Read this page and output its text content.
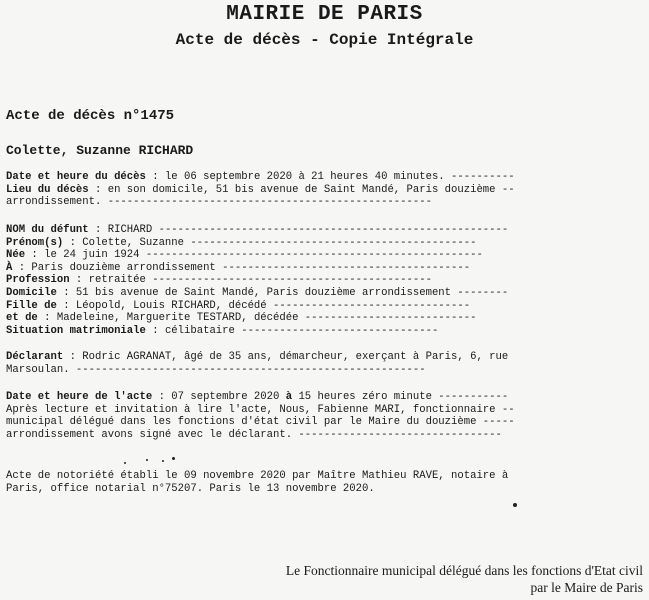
MAIRIE DE PARIS
Acte de décès - Copie Intégrale
Acte de décès n°1475
Colette, Suzanne RICHARD
Date et heure du décès : le 06 septembre 2020 à 21 heures 40 minutes. ----------
Lieu du décès : en son domicile, 51 bis avenue de Saint Mandé, Paris douzième --
arrondissement. ---------------------------------------------------
NOM du défunt : RICHARD -------------------------------------------------------
Prénom(s) : Colette, Suzanne ---------------------------------------------
Née : le 24 juin 1924 -----------------------------------------------------
À : Paris douzième arrondissement ---------------------------------------
Profession : retraitée --------------------------------------------
Domicile : 51 bis avenue de Saint Mandé, Paris douzième arrondissement --------
Fille de : Léopold, Louis RICHARD, décédé -------------------------------
et de : Madeleine, Marguerite TESTARD, décédée ---------------------------
Situation matrimoniale : célibataire -------------------------------
Déclarant : Rodric AGRANAT, âgé de 35 ans, démarcheur, exerçant à Paris, 6, rue
Marsoulan. -------------------------------------------------------
Date et heure de l'acte : 07 septembre 2020 à 15 heures zéro minute -----------
Après lecture et invitation à lire l'acte, Nous, Fabienne MARI, fonctionnaire --
municipal délégué dans les fonctions d'état civil par le Maire du douzième -----
arrondissement avons signé avec le déclarant. --------------------------------
Acte de notoriété établi le 09 novembre 2020 par Maître Mathieu RAVE, notaire à
Paris, office notarial n°75207. Paris le 13 novembre 2020.
Le Fonctionnaire municipal délégué dans les fonctions d'Etat civil
par le Maire de Paris
